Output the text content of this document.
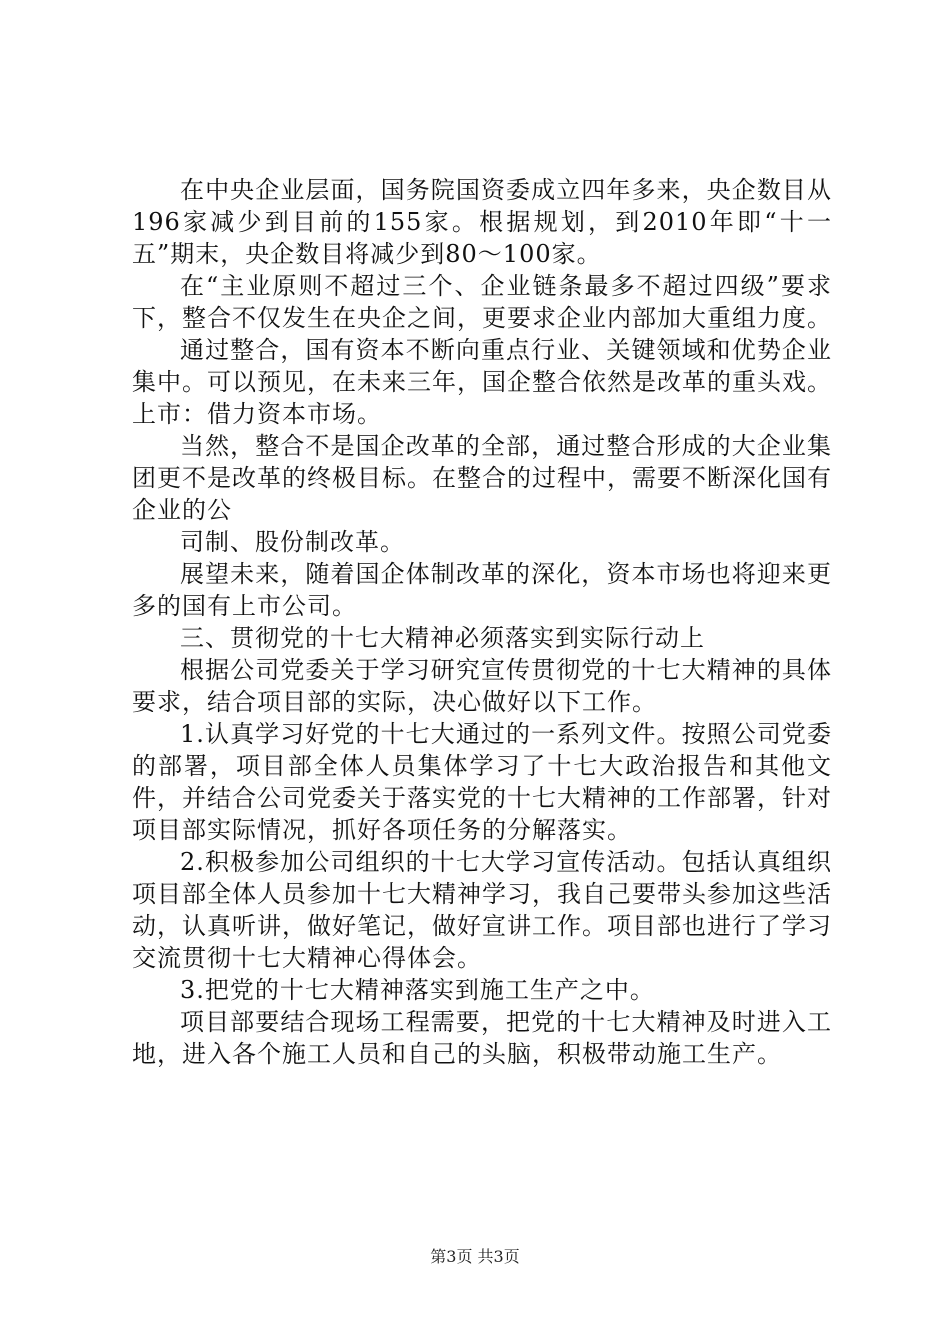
在中央企业层面，国务院国资委成立四年多来，央企数目从196家减少到目前的155家。根据规划，到2010年即“十一五”期末，央企数目将减少到80～100家。

在“主业原则不超过三个、企业链条最多不超过四级”要求下，整合不仅发生在央企之间，更要求企业内部加大重组力度。

通过整合，国有资本不断向重点行业、关键领域和优势企业集中。可以预见，在未来三年，国企整合依然是改革的重头戏。上市：借力资本市场。

当然，整合不是国企改革的全部，通过整合形成的大企业集团更不是改革的终极目标。在整合的过程中，需要不断深化国有企业的公

司制、股份制改革。

展望未来，随着国企体制改革的深化，资本市场也将迎来更多的国有上市公司。

三、贯彻党的十七大精神必须落实到实际行动上

根据公司党委关于学习研究宣传贯彻党的十七大精神的具体要求，结合项目部的实际，决心做好以下工作。

1.认真学习好党的十七大通过的一系列文件。按照公司党委的部署，项目部全体人员集体学习了十七大政治报告和其他文件，并结合公司党委关于落实党的十七大精神的工作部署，针对项目部实际情况，抓好各项任务的分解落实。

2.积极参加公司组织的十七大学习宣传活动。包括认真组织项目部全体人员参加十七大精神学习，我自己要带头参加这些活动，认真听讲，做好笔记，做好宣讲工作。项目部也进行了学习交流贯彻十七大精神心得体会。

3.把党的十七大精神落实到施工生产之中。

项目部要结合现场工程需要，把党的十七大精神及时进入工地，进入各个施工人员和自己的头脑，积极带动施工生产。

第3页 共3页
